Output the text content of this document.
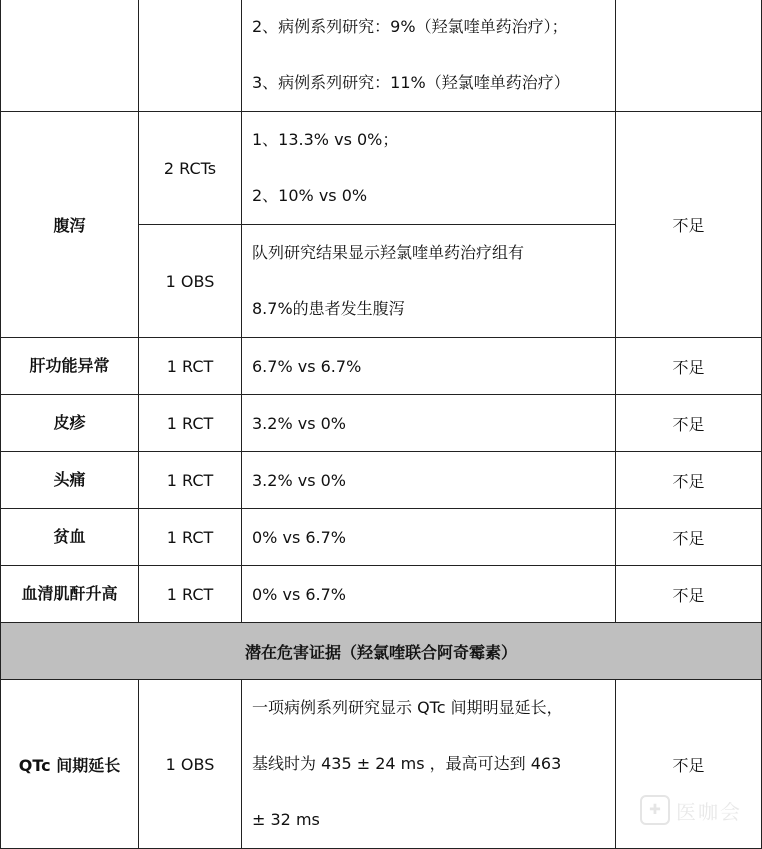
		2、病例系列研究：9%（羟氯喹单药治疗）；
3、病例系列研究：11%（羟氯喹单药治疗）	

腹泻	2 RCTs	1、13.3% vs 0%；
2、10% vs 0%	不足
	1 OBS	队列研究结果显示羟氯喹单药治疗组有
8.7%的患者发生腹泻	

肝功能异常	1 RCT	6.7% vs 6.7%	不足

皮疹	1 RCT	3.2% vs 0%	不足

头痛	1 RCT	3.2% vs 0%	不足

贫血	1 RCT	0% vs 6.7%	不足

血清肌酐升高	1 RCT	0% vs 6.7%	不足
潜在危害证据（羟氯喹联合阿奇霉素）			
QTc 间期延长	1 OBS	一项病例系列研究显示 QTc 间期明显延长，
基线时为 435 ± 24 ms ，最高可达到 463
± 32 ms	不足
✚ 医咖会
